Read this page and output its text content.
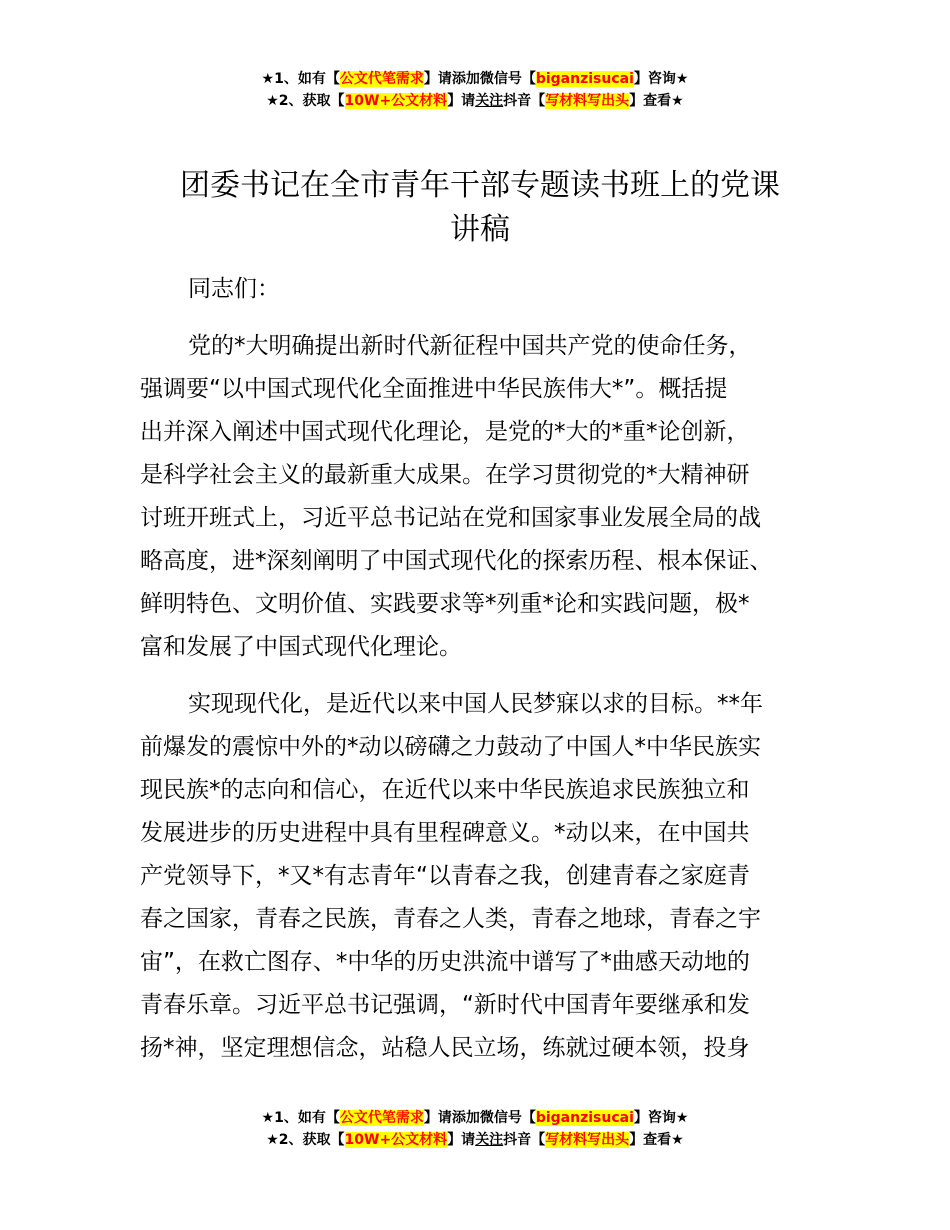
★1、如有【公文代笔需求】请添加微信号【biganzisucai】咨询★
★2、获取【10W+公文材料】请关注抖音【写材料写出头】查看★
团委书记在全市青年干部专题读书班上的党课
讲稿

同志们：

党的*大明确提出新时代新征程中国共产党的使命任务，
强调要“以中国式现代化全面推进中华民族伟大*”。概括提
出并深入阐述中国式现代化理论，是党的*大的*重*论创新，
是科学社会主义的最新重大成果。在学习贯彻党的*大精神研
讨班开班式上，习近平总书记站在党和国家事业发展全局的战
略高度，进*深刻阐明了中国式现代化的探索历程、根本保证、
鲜明特色、文明价值、实践要求等*列重*论和实践问题，极*
富和发展了中国式现代化理论。
实现现代化，是近代以来中国人民梦寐以求的目标。**年
前爆发的震惊中外的*动以磅礴之力鼓动了中国人*中华民族实
现民族*的志向和信心，在近代以来中华民族追求民族独立和
发展进步的历史进程中具有里程碑意义。*动以来，在中国共
产党领导下，*又*有志青年“以青春之我，创建青春之家庭青
春之国家，青春之民族，青春之人类，青春之地球，青春之宇
宙”，在救亡图存、*中华的历史洪流中谱写了*曲感天动地的
青春乐章。习近平总书记强调，“新时代中国青年要继承和发
扬*神，坚定理想信念，站稳人民立场，练就过硬本领，投身
★1、如有【公文代笔需求】请添加微信号【biganzisucai】咨询★
★2、获取【10W+公文材料】请关注抖音【写材料写出头】查看★
